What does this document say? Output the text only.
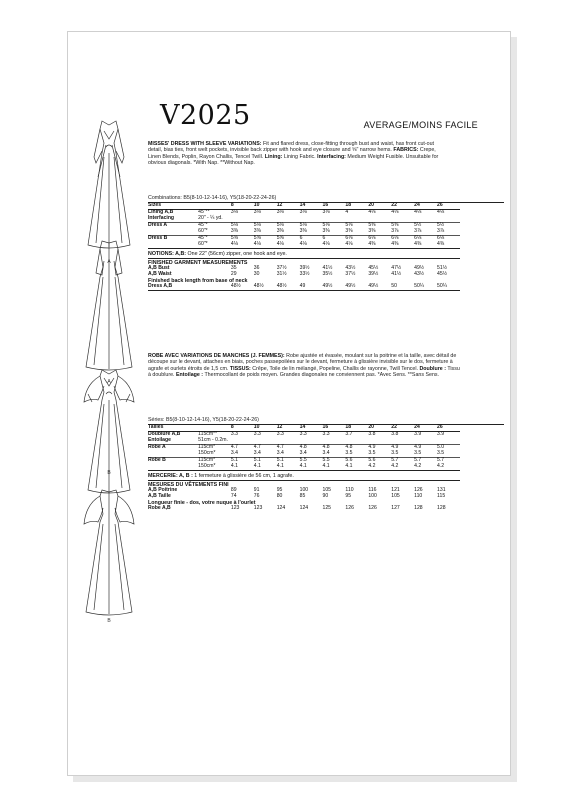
A
A
B
B
V2025	AVERAGE/MOINS FACILE
MISSES' DRESS WITH SLEEVE VARIATIONS: Fit and flared dress, close-fitting through bust and waist, has front cut-out detail, bias ties, front welt pockets, invisible back zipper with hook and eye closure and ⅝" narrow hems. FABRICS: Crepe, Linen Blends, Poplin, Rayon Challis, Tencel Twill. Lining: Lining Fabric. Interfacing: Medium Weight Fusible. Unsuitable for obvious diagonals. *With Nap. **Without Nap.
Combinations: B5(8-10-12-14-16), Y5(18-20-22-24-26)
Sizes		8	10	12	14	16	18	20	22	24	26

Lining A,B	45"**	3⅛	3⅛	3⅛	3⅛	3⅛	4	4⅛	4⅛	4⅛	4⅛
Interfacing	20" - ¼ yd.										

Dress A	45"*	5⅛	5⅛	5⅛	5⅛	5⅛	5⅛	5⅜	5⅜	5½	5½
	60"*	3⅜	3⅜	3⅜	3⅜	3⅜	3⅜	3⅜	3⅞	3⅞	3⅞

Dress B	45"*	5⅝	5⅝	5⅝	6	6	6⅛	6⅛	6⅛	6⅛	6⅛
	60"*	4⅛	4⅛	4⅛	4⅛	4⅛	4⅛	4⅜	4⅜	4⅜	4⅜

NOTIONS: A,B: One 22" (56cm) zipper, one hook and eye.
FINISHED GARMENT MEASUREMENTS
A,B Bust		35	36	37½	39½	41½	43½	45½	47½	49½	51½
A,B Waist		29	30	31½	33½	35½	37½	39½	41½	43½	45½
Finished back length from base of neck
Dress A,B		48½	48½	48½	49	49½	49½	49½	50	50¼	50¼
ROBE AVEC VARIATIONS DE MANCHES (J. FEMMES): Robe ajustée et évasée, moulant sur la poitrine et la taille, avec détail de découpe sur le devant, attaches en biais, poches passepoilées sur le devant, fermeture à glissière invisible sur le dos, fermeture à agrafe et ourlets étroits de 1,5 cm. TISSUS: Crêpe, Toile de lin mélangé, Popeline, Challis de rayonne, Twill Tencel. Doublure : Tissu à doublure. Entoilage : Thermocollant de poids moyen. Grandes diagonales ne conviennent pas. *Avec Sens. **Sans Sens.
Séries: B5(8-10-12-14-16), Y5(18-20-22-24-26)
Tailles		8	10	12	14	16	18	20	22	24	26

Doublure A,B	115cm**	3.3	3.3	3.3	3.3	3.3	3.7	3.8	3.8	3.9	3.9
Entoilage	51cm - 0.2m.										

Robe A	115cm*	4.7	4.7	4.7	4.8	4.8	4.8	4.9	4.9	4.9	5.0
	150cm*	3.4	3.4	3.4	3.4	3.4	3.5	3.5	3.5	3.5	3.5

Robe B	115cm*	5.1	5.1	5.1	5.5	5.5	5.6	5.6	5.7	5.7	5.7
	150cm*	4.1	4.1	4.1	4.1	4.1	4.1	4.2	4.2	4.2	4.2

MERCERIE: A, B : 1 fermeture à glissière de 56 cm, 1 agrafe.
MESURES DU VÊTEMENTS FINI
A,B Poitrine		89	91	95	100	105	110	116	121	126	131
A,B Taille		74	76	80	85	90	95	100	105	110	115
Longueur finie - dos, votre nuque à l'ourlet
Robe A,B		123	123	124	124	125	126	126	127	128	128
